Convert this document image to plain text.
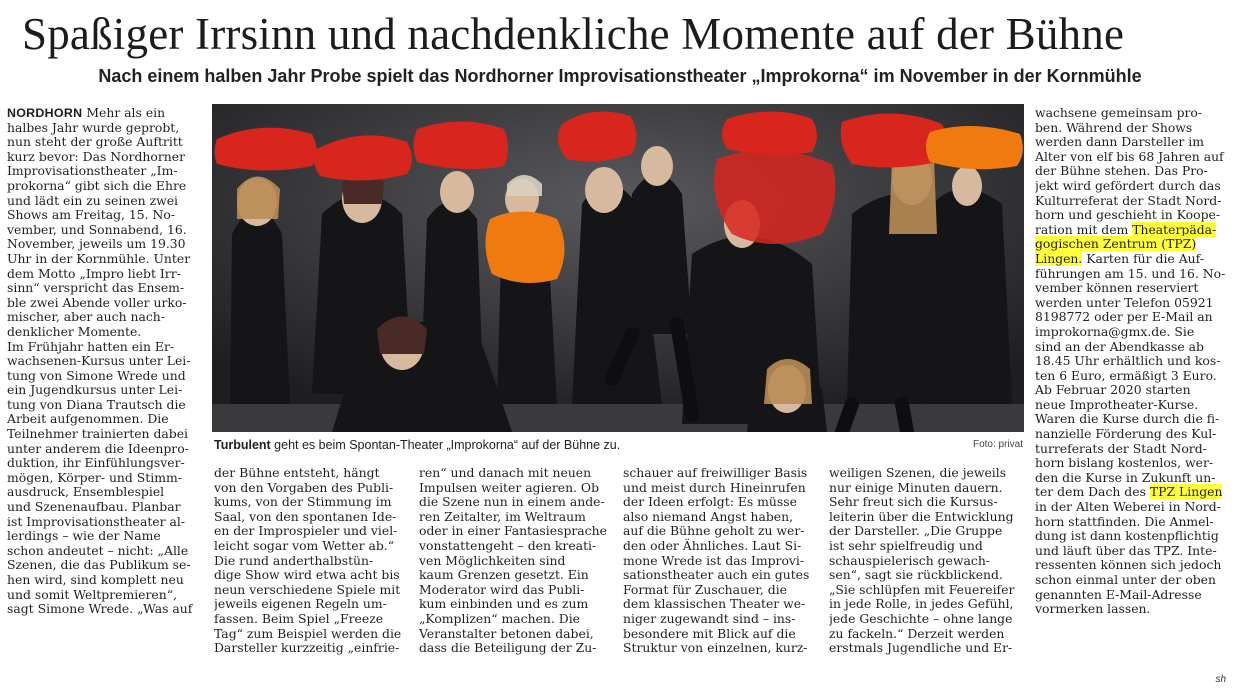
Spaßiger Irrsinn und nachdenkliche Momente auf der Bühne
Nach einem halben Jahr Probe spielt das Nordhorner Improvisationstheater „Improkorna“ im November in der Kornmühle
NORDHORN Mehr als ein
halbes Jahr wurde geprobt,
nun steht der große Auftritt
kurz bevor: Das Nordhorner
Improvisationstheater „Im-
prokorna“ gibt sich die Ehre
und lädt ein zu seinen zwei
Shows am Freitag, 15. No-
vember, und Sonnabend, 16.
November, jeweils um 19.30
Uhr in der Kornmühle. Unter
dem Motto „Impro liebt Irr-
sinn“ verspricht das Ensem-
ble zwei Abende voller urko-
mischer, aber auch nach-
denklicher Momente.
Im Frühjahr hatten ein Er-
wachsenen-Kursus unter Lei-
tung von Simone Wrede und
ein Jugendkursus unter Lei-
tung von Diana Trautsch die
Arbeit aufgenommen. Die
Teilnehmer trainierten dabei
unter anderem die Ideenpro-
duktion, ihr Einfühlungsver-
mögen, Körper- und Stimm-
ausdruck, Ensemblespiel
und Szenenaufbau. Planbar
ist Improvisationstheater al-
lerdings – wie der Name
schon andeutet – nicht: „Alle
Szenen, die das Publikum se-
hen wird, sind komplett neu
und somit Weltpremieren“,
sagt Simone Wrede. „Was auf
Turbulent geht es beim Spontan-Theater „Improkorna“ auf der Bühne zu.	Foto: privat
der Bühne entsteht, hängt
von den Vorgaben des Publi-
kums, von der Stimmung im
Saal, von den spontanen Ide-
en der Improspieler und viel-
leicht sogar vom Wetter ab.“
Die rund anderthalbstün-
dige Show wird etwa acht bis
neun verschiedene Spiele mit
jeweils eigenen Regeln um-
fassen. Beim Spiel „Freeze
Tag“ zum Beispiel werden die
Darsteller kurzzeitig „einfrie-
ren“ und danach mit neuen
Impulsen weiter agieren. Ob
die Szene nun in einem ande-
ren Zeitalter, im Weltraum
oder in einer Fantasiesprache
vonstattengeht – den kreati-
ven Möglichkeiten sind
kaum Grenzen gesetzt. Ein
Moderator wird das Publi-
kum einbinden und es zum
„Komplizen“ machen. Die
Veranstalter betonen dabei,
dass die Beteiligung der Zu-
schauer auf freiwilliger Basis
und meist durch Hineinrufen
der Ideen erfolgt: Es müsse
also niemand Angst haben,
auf die Bühne geholt zu wer-
den oder Ähnliches. Laut Si-
mone Wrede ist das Improvi-
sationstheater auch ein gutes
Format für Zuschauer, die
dem klassischen Theater we-
niger zugewandt sind – ins-
besondere mit Blick auf die
Struktur von einzelnen, kurz-
weiligen Szenen, die jeweils
nur einige Minuten dauern.
Sehr freut sich die Kursus-
leiterin über die Entwicklung
der Darsteller. „Die Gruppe
ist sehr spielfreudig und
schauspielerisch gewach-
sen“, sagt sie rückblickend.
„Sie schlüpfen mit Feuereifer
in jede Rolle, in jedes Gefühl,
jede Geschichte – ohne lange
zu fackeln.“ Derzeit werden
erstmals Jugendliche und Er-
wachsene gemeinsam pro-
ben. Während der Shows
werden dann Darsteller im
Alter von elf bis 68 Jahren auf
der Bühne stehen. Das Pro-
jekt wird gefördert durch das
Kulturreferat der Stadt Nord-
horn und geschieht in Koope-
ration mit dem Theaterpäda-
gogischen Zentrum (TPZ)
Lingen. Karten für die Auf-
führungen am 15. und 16. No-
vember können reserviert
werden unter Telefon 05921
8198772 oder per E-Mail an
improkorna@gmx.de. Sie
sind an der Abendkasse ab
18.45 Uhr erhältlich und kos-
ten 6 Euro, ermäßigt 3 Euro.
Ab Februar 2020 starten
neue Improtheater-Kurse.
Waren die Kurse durch die fi-
nanzielle Förderung des Kul-
turreferats der Stadt Nord-
horn bislang kostenlos, wer-
den die Kurse in Zukunft un-
ter dem Dach des TPZ Lingen
in der Alten Weberei in Nord-
horn stattfinden. Die Anmel-
dung ist dann kostenpflichtig
und läuft über das TPZ. Inte-
ressenten können sich jedoch
schon einmal unter der oben
genannten E-Mail-Adresse
vormerken lassen.
sh
